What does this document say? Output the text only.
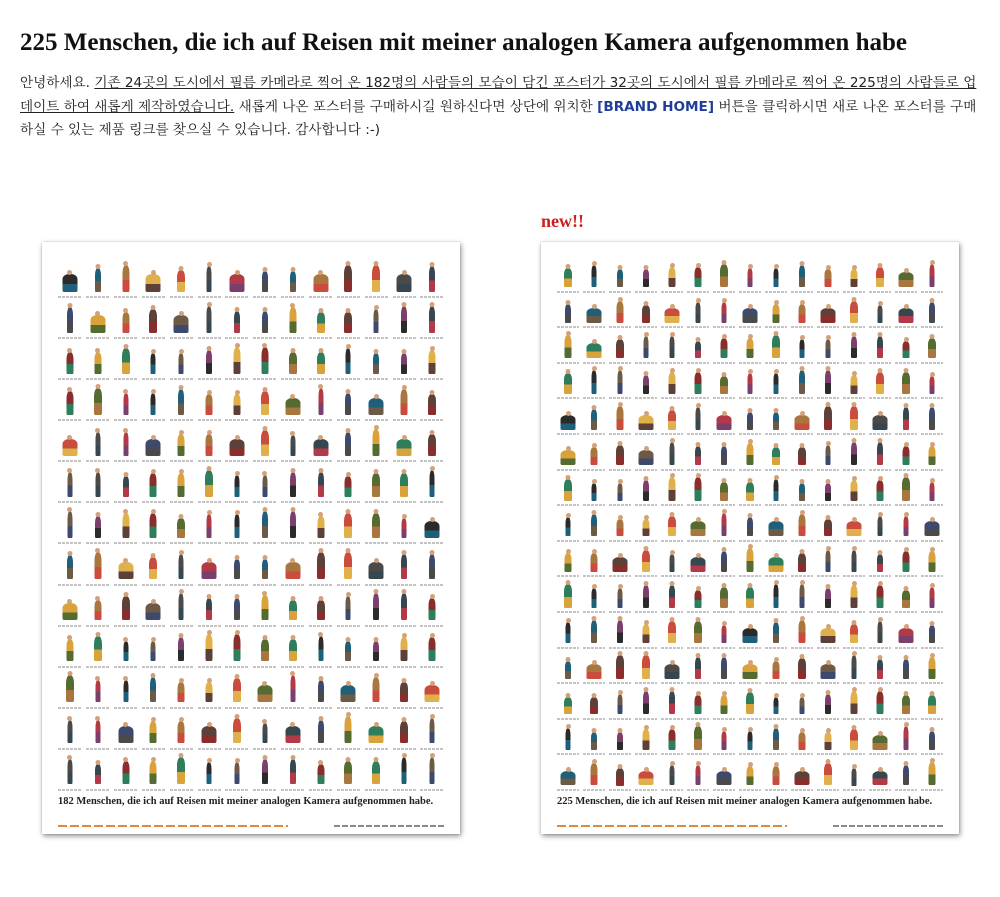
225 Menschen, die ich auf Reisen mit meiner analogen Kamera aufgenommen habe

안녕하세요. 기존 24곳의 도시에서 필름 카메라로 찍어 온 182명의 사람들의 모습이 담긴 포스터가 32곳의 도시에서 필름 카메라로 찍어 온 225명의 사람들로 업데이트 하여 새롭게 제작하였습니다. 새롭게 나온 포스터를 구매하시길 원하신다면 상단에 위치한 [BRAND HOME] 버튼을 클릭하시면 새로 나온 포스터를 구매하실 수 있는 제품 링크를 찾으실 수 있습니다. 감사합니다 :-)

new!!

182 Menschen, die ich auf Reisen mit meiner analogen Kamera aufgenommen habe.	225 Menschen, die ich auf Reisen mit meiner analogen Kamera aufgenommen habe.
